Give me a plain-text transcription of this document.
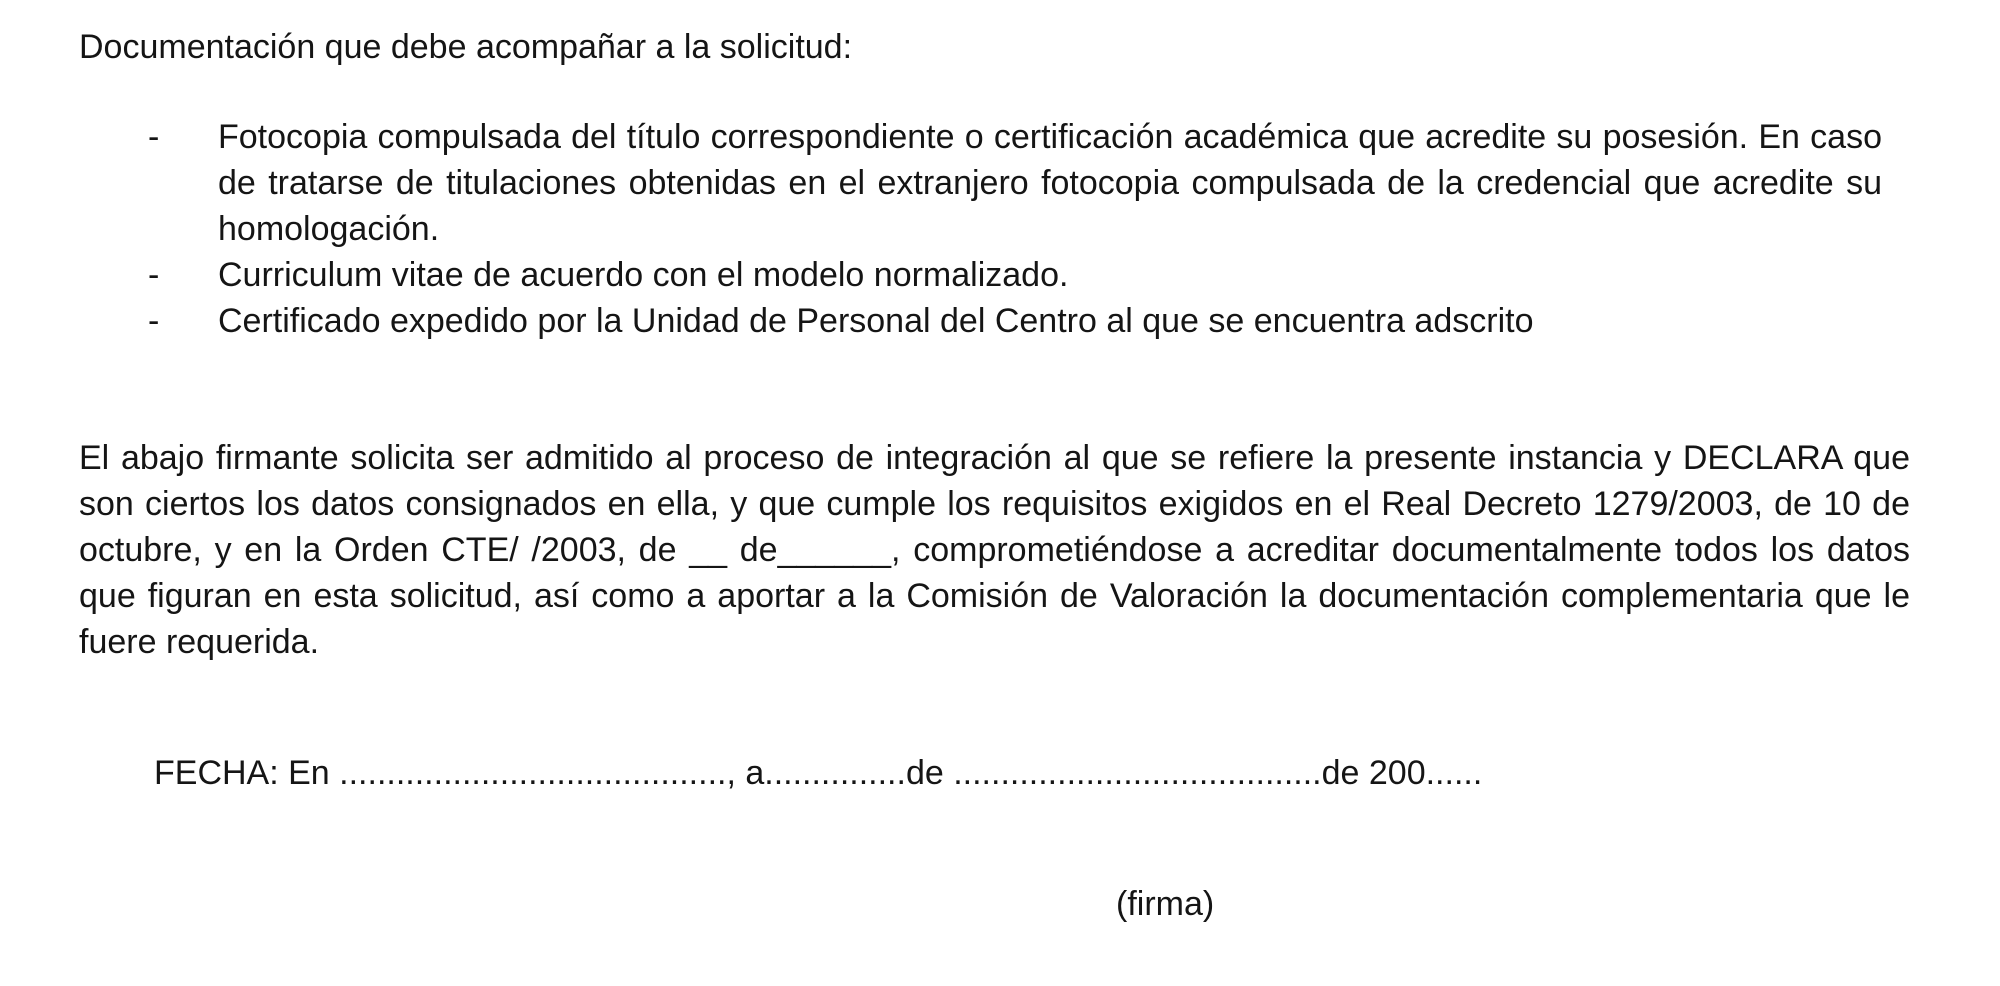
Documentación que debe acompañar a la solicitud:
- Fotocopia compulsada del título correspondiente o certificación académica que acredite su posesión. En caso de tratarse de titulaciones obtenidas en el extranjero fotocopia compulsada de la credencial que acredite su homologación.
- Curriculum vitae de acuerdo con el modelo normalizado.
- Certificado expedido por la Unidad de Personal del Centro al que se encuentra adscrito

El abajo firmante solicita ser admitido al proceso de integración al que se refiere la presente instancia y DECLARA que son ciertos los datos consignados en ella, y que cumple los requisitos exigidos en el Real Decreto 1279/2003, de 10 de octubre, y en la Orden CTE/ /2003, de __ de______, comprometiéndose a acreditar documentalmente todos los datos que figuran en esta solicitud, así como a aportar a la Comisión de Valoración la documentación complementaria que le fuere requerida.

FECHA: En ........................................., a...............de .......................................de 200......
(firma)
